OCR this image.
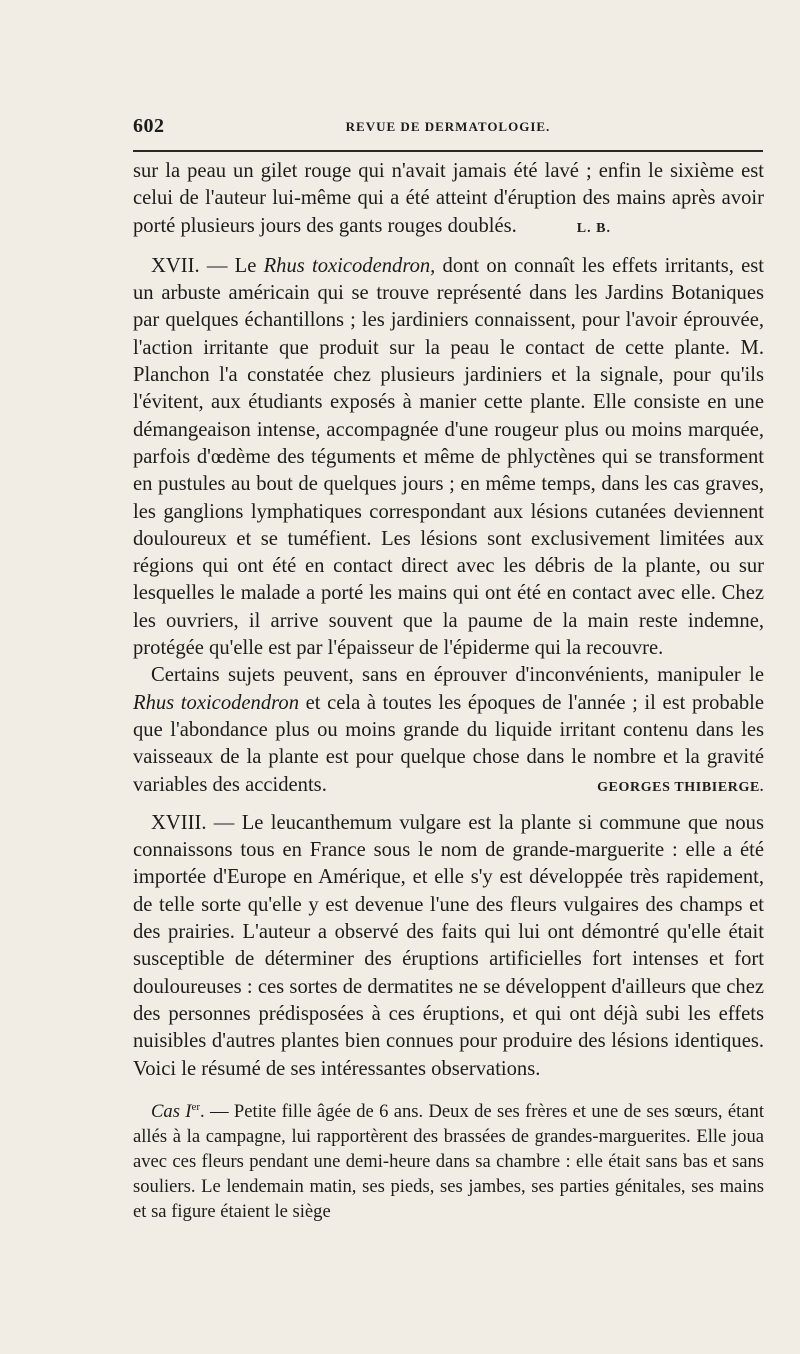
602	REVUE DE DERMATOLOGIE.

sur la peau un gilet rouge qui n'avait jamais été lavé ; enfin le sixième est celui de l'auteur lui-même qui a été atteint d'éruption des mains après avoir porté plusieurs jours des gants rouges doublés.	L. B.

XVII. — Le Rhus toxicodendron, dont on connaît les effets irritants, est un arbuste américain qui se trouve représenté dans les Jardins Botaniques par quelques échantillons ; les jardiniers connaissent, pour l'avoir éprouvée, l'action irritante que produit sur la peau le contact de cette plante. M. Planchon l'a constatée chez plusieurs jardiniers et la signale, pour qu'ils l'évitent, aux étudiants exposés à manier cette plante. Elle consiste en une démangeaison intense, accompagnée d'une rougeur plus ou moins marquée, parfois d'œdème des téguments et même de phlyctènes qui se transforment en pustules au bout de quelques jours ; en même temps, dans les cas graves, les ganglions lymphatiques correspondant aux lésions cutanées deviennent douloureux et se tuméfient. Les lésions sont exclusivement limitées aux régions qui ont été en contact direct avec les débris de la plante, ou sur lesquelles le malade a porté les mains qui ont été en contact avec elle. Chez les ouvriers, il arrive souvent que la paume de la main reste indemne, protégée qu'elle est par l'épaisseur de l'épiderme qui la recouvre.

Certains sujets peuvent, sans en éprouver d'inconvénients, manipuler le Rhus toxicodendron et cela à toutes les époques de l'année ; il est probable que l'abondance plus ou moins grande du liquide irritant contenu dans les vaisseaux de la plante est pour quelque chose dans le nombre et la gravité variables des accidents.	GEORGES THIBIERGE.

XVIII. — Le leucanthemum vulgare est la plante si commune que nous connaissons tous en France sous le nom de grande-marguerite : elle a été importée d'Europe en Amérique, et elle s'y est développée très rapidement, de telle sorte qu'elle y est devenue l'une des fleurs vulgaires des champs et des prairies. L'auteur a observé des faits qui lui ont démontré qu'elle était susceptible de déterminer des éruptions artificielles fort intenses et fort douloureuses : ces sortes de dermatites ne se développent d'ailleurs que chez des personnes prédisposées à ces éruptions, et qui ont déjà subi les effets nuisibles d'autres plantes bien connues pour produire des lésions identiques. Voici le résumé de ses intéressantes observations.

Cas Ier. — Petite fille âgée de 6 ans. Deux de ses frères et une de ses sœurs, étant allés à la campagne, lui rapportèrent des brassées de grandes-marguerites. Elle joua avec ces fleurs pendant une demi-heure dans sa chambre : elle était sans bas et sans souliers. Le lendemain matin, ses pieds, ses jambes, ses parties génitales, ses mains et sa figure étaient le siège
